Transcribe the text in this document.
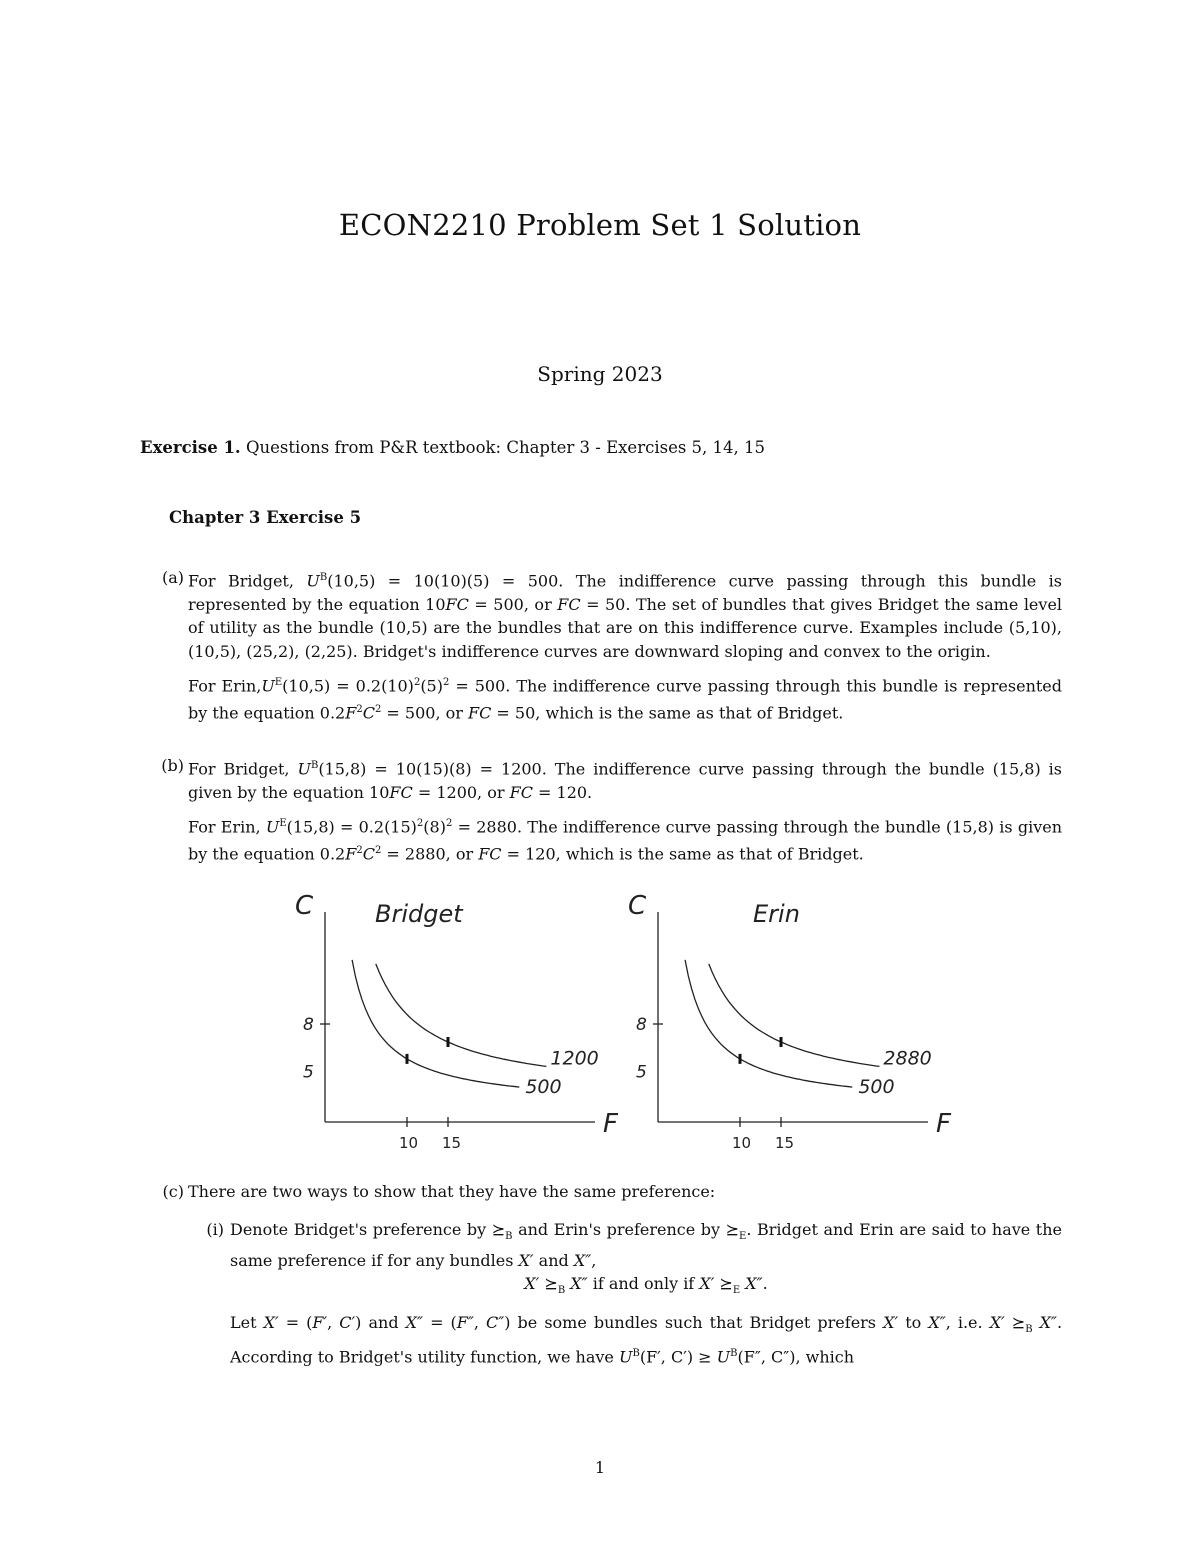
ECON2210 Problem Set 1 Solution
Spring 2023
Exercise 1. Questions from P&R textbook: Chapter 3 - Exercises 5, 14, 15
Chapter 3 Exercise 5
(a) For Bridget, $U^B(10,5) = 10(10)(5) = 500$. The indifference curve passing through this bundle is represented by the equation 10FC = 500, or FC = 50. The set of bundles that gives Bridget the same level of utility as the bundle (10,5) are the bundles that are on this indifference curve. Examples include (5,10), (10,5), (25,2), (2,25). Bridget's indifference curves are downward sloping and convex to the origin.

For $Erin,U^E(10,5) = 0.2(10)^2(5)^2 = 500$. The indifference curve passing through this bundle is represented by the equation $0.2F^2C^2 = 500$, or FC = 50, which is the same as that of Bridget.

(b) For Bridget, $U^B(15,8) = 10(15)(8) = 1200$. The indifference curve passing through the bundle (15,8) is given by the equation 10FC = 1200, or FC = 120.

For Erin, $U^E(15,8) = 0.2(15)^2(8)^2 = 2880$. The indifference curve passing through the bundle (15,8) is given by the equation $0.2F^2C^2 = 2880$, or FC = 120, which is the same as that of Bridget.

C
F
Bridget
500
1200
10 15
8
5
C
F
Erin
500
2880
10 15
8
5
(c) There are two ways to show that they have the same preference:
(i) Denote Bridget's preference by $⪰_B$ and Erin's preference by $⪰_E$. Bridget and Erin are said to have the same preference if for any bundles X′ and X″,

X′ $⪰_B$ X″ if and only if X′ $⪰_E$ X″.

Let X′ = (F′, C′) and X″ = (F″, C″) be some bundles such that Bridget prefers X′ to X″, i.e. X′ $⪰_B$ X″. According to Bridget's utility function, we have $U^B(F'$, $C') \ge U^B(F''$, C″), which

1
